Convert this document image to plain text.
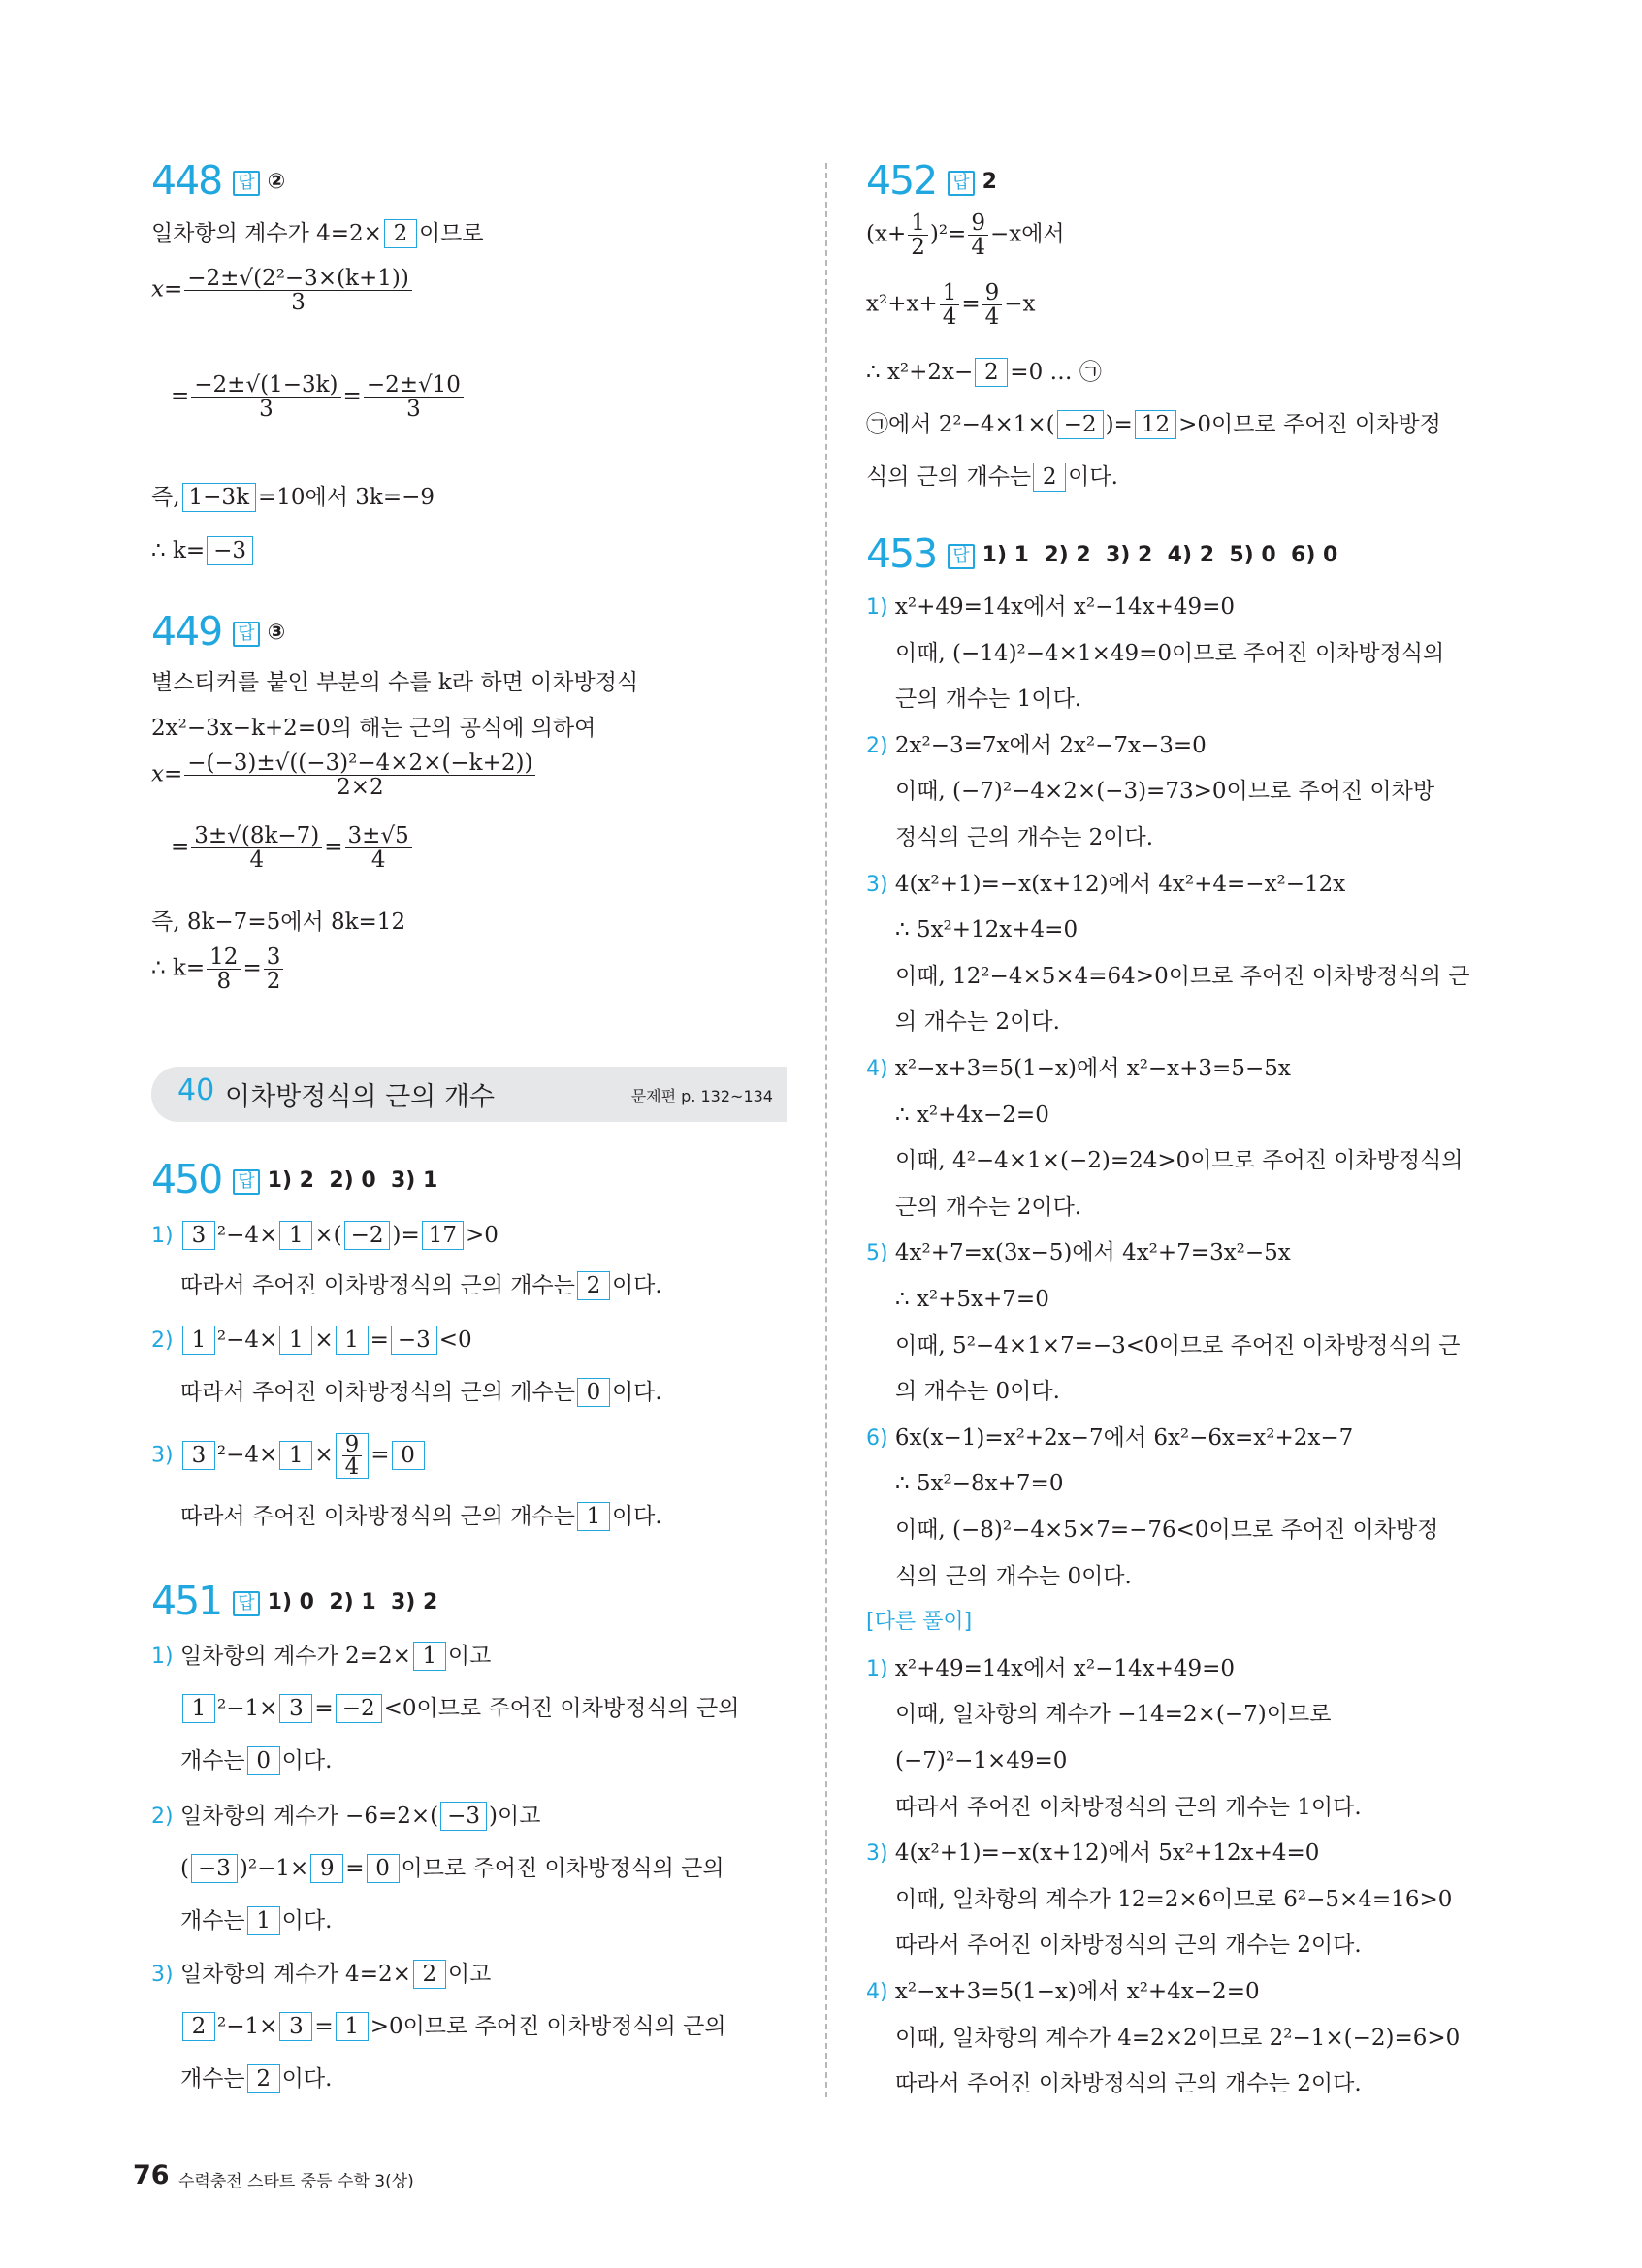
448 답 ②
일차항의 계수가 4=2× 2 이므로
$x= \frac{\text{−2±√(2²−3×(k+1))}}{3}$
= $\frac{-2\pm√(1-3k)}{3} = \frac{-2\pm√10}{3}$
즉, 1−3k =10에서 3k=−9
∴ k= −3
449 답 ③
별스티커를 붙인 부분의 수를 k라 하면 이차방정식
2x²−3x−k+2=0의 해는 근의 공식에 의하여
$x= \frac{\text{−(−3)±√((−3)²−4×2×(−k+2))}}{2\times 2}$
= $\frac{3\pm√(8k-7)}{4} = \frac{3\pm√5}{4}$
즉, 8k−7=5에서 8k=12
∴ $k= \frac{12}{8} = \frac{3}{2}$
40 이차방정식의 근의 개수	문제편 p. 132~134
450 답 1) 2 2) 0 3) 1
1) 3 ²−4× 1 ×( −2 )= 17 >0
따라서 주어진 이차방정식의 근의 개수는 2 이다.
2) 1 ²−4× 1 × 1 = −3 <0
따라서 주어진 이차방정식의 근의 개수는 0 이다.
3) 3 $^2-4\times 1 \times \frac{9}{4} = 0$
따라서 주어진 이차방정식의 근의 개수는 1 이다.
451 답 1) 0 2) 1 3) 2
1) 일차항의 계수가 2=2× 1 이고
1 ²−1× 3 = −2 <0이므로 주어진 이차방정식의 근의
개수는 0 이다.
2) 일차항의 계수가 −6=2×( −3 )이고
( −3 )²−1× 9 = 0 이므로 주어진 이차방정식의 근의
개수는 1 이다.
3) 일차항의 계수가 4=2× 2 이고
2 ²−1× 3 = 1 >0이므로 주어진 이차방정식의 근의
개수는 2 이다.
452 답 2
$(x+ \frac{1}{2} )^2= \frac{9}{4} -x$에서
$x^2+x+ \frac{1}{4} = \frac{9}{4} -x$
∴ x²+2x− 2 =0 … ㉠
㉠에서 2²−4×1×( −2 )= 12 >0이므로 주어진 이차방정
식의 근의 개수는 2 이다.
453 답 1) 1 2) 2 3) 2 4) 2 5) 0 6) 0
1) x²+49=14x에서 x²−14x+49=0
이때, (−14)²−4×1×49=0이므로 주어진 이차방정식의
근의 개수는 1이다.
2) 2x²−3=7x에서 2x²−7x−3=0
이때, (−7)²−4×2×(−3)=73>0이므로 주어진 이차방
정식의 근의 개수는 2이다.
3) 4(x²+1)=−x(x+12)에서 4x²+4=−x²−12x
∴ 5x²+12x+4=0
이때, 12²−4×5×4=64>0이므로 주어진 이차방정식의 근
의 개수는 2이다.
4) x²−x+3=5(1−x)에서 x²−x+3=5−5x
∴ x²+4x−2=0
이때, 4²−4×1×(−2)=24>0이므로 주어진 이차방정식의
근의 개수는 2이다.
5) 4x²+7=x(3x−5)에서 4x²+7=3x²−5x
∴ x²+5x+7=0
이때, 5²−4×1×7=−3<0이므로 주어진 이차방정식의 근
의 개수는 0이다.
6) 6x(x−1)=x²+2x−7에서 6x²−6x=x²+2x−7
∴ 5x²−8x+7=0
이때, (−8)²−4×5×7=−76<0이므로 주어진 이차방정
식의 근의 개수는 0이다.
[다른 풀이]
1) x²+49=14x에서 x²−14x+49=0
이때, 일차항의 계수가 −14=2×(−7)이므로
(−7)²−1×49=0
따라서 주어진 이차방정식의 근의 개수는 1이다.
3) 4(x²+1)=−x(x+12)에서 5x²+12x+4=0
이때, 일차항의 계수가 12=2×6이므로 6²−5×4=16>0
따라서 주어진 이차방정식의 근의 개수는 2이다.
4) x²−x+3=5(1−x)에서 x²+4x−2=0
이때, 일차항의 계수가 4=2×2이므로 2²−1×(−2)=6>0
따라서 주어진 이차방정식의 근의 개수는 2이다.
76 수력충전 스타트 중등 수학 3(상)
